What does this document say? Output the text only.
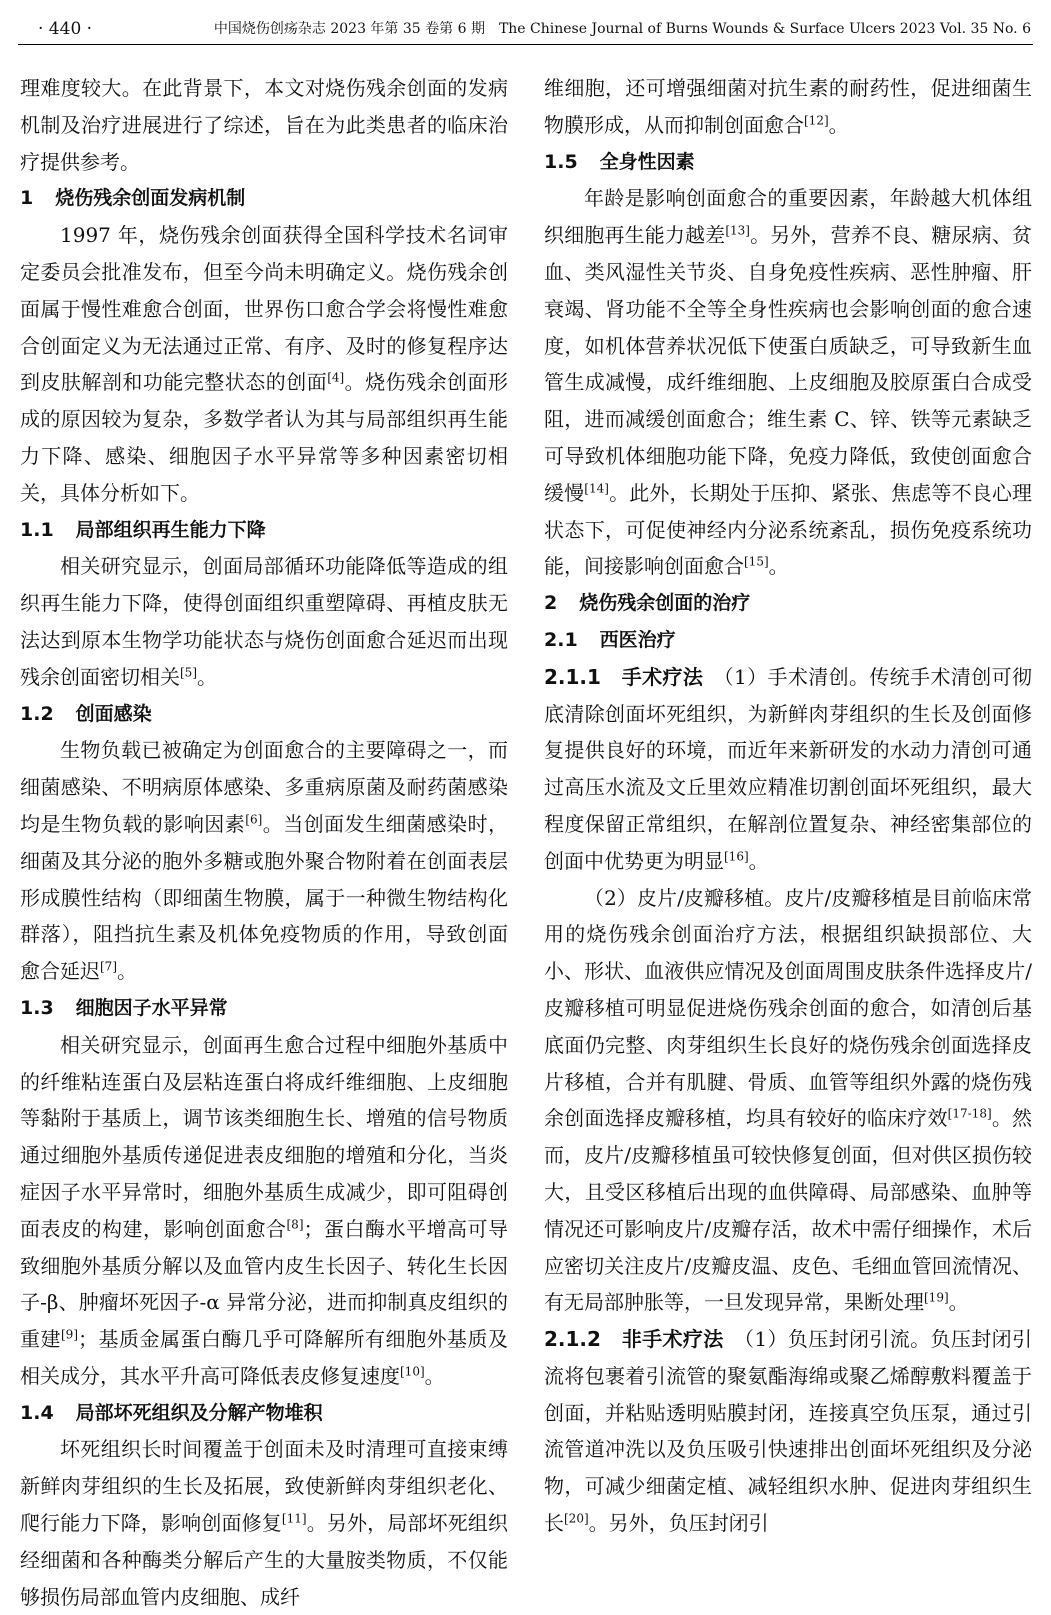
· 440 ·	中国烧伤创疡杂志 2023 年第 35 卷第 6 期　The Chinese Journal of Burns Wounds & Surface Ulcers 2023 Vol. 35 No. 6

理难度较大。在此背景下，本文对烧伤残余创面的发病机制及治疗进展进行了综述，旨在为此类患者的临床治疗提供参考。

1 烧伤残余创面发病机制

1997 年，烧伤残余创面获得全国科学技术名词审定委员会批准发布，但至今尚未明确定义。烧伤残余创面属于慢性难愈合创面，世界伤口愈合学会将慢性难愈合创面定义为无法通过正常、有序、及时的修复程序达到皮肤解剖和功能完整状态的创面[4]。烧伤残余创面形成的原因较为复杂，多数学者认为其与局部组织再生能力下降、感染、细胞因子水平异常等多种因素密切相关，具体分析如下。

1.1 局部组织再生能力下降

相关研究显示，创面局部循环功能降低等造成的组织再生能力下降，使得创面组织重塑障碍、再植皮肤无法达到原本生物学功能状态与烧伤创面愈合延迟而出现残余创面密切相关[5]。

1.2 创面感染

生物负载已被确定为创面愈合的主要障碍之一，而细菌感染、不明病原体感染、多重病原菌及耐药菌感染均是生物负载的影响因素[6]。当创面发生细菌感染时，细菌及其分泌的胞外多糖或胞外聚合物附着在创面表层形成膜性结构（即细菌生物膜，属于一种微生物结构化群落），阻挡抗生素及机体免疫物质的作用，导致创面愈合延迟[7]。

1.3 细胞因子水平异常

相关研究显示，创面再生愈合过程中细胞外基质中的纤维粘连蛋白及层粘连蛋白将成纤维细胞、上皮细胞等黏附于基质上，调节该类细胞生长、增殖的信号物质通过细胞外基质传递促进表皮细胞的增殖和分化，当炎症因子水平异常时，细胞外基质生成减少，即可阻碍创面表皮的构建，影响创面愈合[8]；蛋白酶水平增高可导致细胞外基质分解以及血管内皮生长因子、转化生长因子-β、肿瘤坏死因子-α 异常分泌，进而抑制真皮组织的重建[9]；基质金属蛋白酶几乎可降解所有细胞外基质及相关成分，其水平升高可降低表皮修复速度[10]。

1.4 局部坏死组织及分解产物堆积

坏死组织长时间覆盖于创面未及时清理可直接束缚新鲜肉芽组织的生长及拓展，致使新鲜肉芽组织老化、爬行能力下降，影响创面修复[11]。另外，局部坏死组织经细菌和各种酶类分解后产生的大量胺类物质，不仅能够损伤局部血管内皮细胞、成纤

维细胞，还可增强细菌对抗生素的耐药性，促进细菌生物膜形成，从而抑制创面愈合[12]。

1.5 全身性因素

年龄是影响创面愈合的重要因素，年龄越大机体组织细胞再生能力越差[13]。另外，营养不良、糖尿病、贫血、类风湿性关节炎、自身免疫性疾病、恶性肿瘤、肝衰竭、肾功能不全等全身性疾病也会影响创面的愈合速度，如机体营养状况低下使蛋白质缺乏，可导致新生血管生成减慢，成纤维细胞、上皮细胞及胶原蛋白合成受阻，进而减缓创面愈合；维生素 C、锌、铁等元素缺乏可导致机体细胞功能下降，免疫力降低，致使创面愈合缓慢[14]。此外，长期处于压抑、紧张、焦虑等不良心理状态下，可促使神经内分泌系统紊乱，损伤免疫系统功能，间接影响创面愈合[15]。

2 烧伤残余创面的治疗

2.1 西医治疗

2.1.1　 手术疗法　 （1）手术清创。传统手术清创可彻底清除创面坏死组织，为新鲜肉芽组织的生长及创面修复提供良好的环境，而近年来新研发的水动力清创可通过高压水流及文丘里效应精准切割创面坏死组织，最大程度保留正常组织，在解剖位置复杂、神经密集部位的创面中优势更为明显[16]。

（2）皮片/皮瓣移植。皮片/皮瓣移植是目前临床常用的烧伤残余创面治疗方法，根据组织缺损部位、大小、形状、血液供应情况及创面周围皮肤条件选择皮片/皮瓣移植可明显促进烧伤残余创面的愈合，如清创后基底面仍完整、肉芽组织生长良好的烧伤残余创面选择皮片移植，合并有肌腱、骨质、血管等组织外露的烧伤残余创面选择皮瓣移植，均具有较好的临床疗效[17-18]。然而，皮片/皮瓣移植虽可较快修复创面，但对供区损伤较大，且受区移植后出现的血供障碍、局部感染、血肿等情况还可影响皮片/皮瓣存活，故术中需仔细操作，术后应密切关注皮片/皮瓣皮温、皮色、毛细血管回流情况、有无局部肿胀等，一旦发现异常，果断处理[19]。

2.1.2　 非手术疗法　 （1）负压封闭引流。负压封闭引流将包裹着引流管的聚氨酯海绵或聚乙烯醇敷料覆盖于创面，并粘贴透明贴膜封闭，连接真空负压泵，通过引流管道冲洗以及负压吸引快速排出创面坏死组织及分泌物，可减少细菌定植、减轻组织水肿、促进肉芽组织生长[20]。另外，负压封闭引
